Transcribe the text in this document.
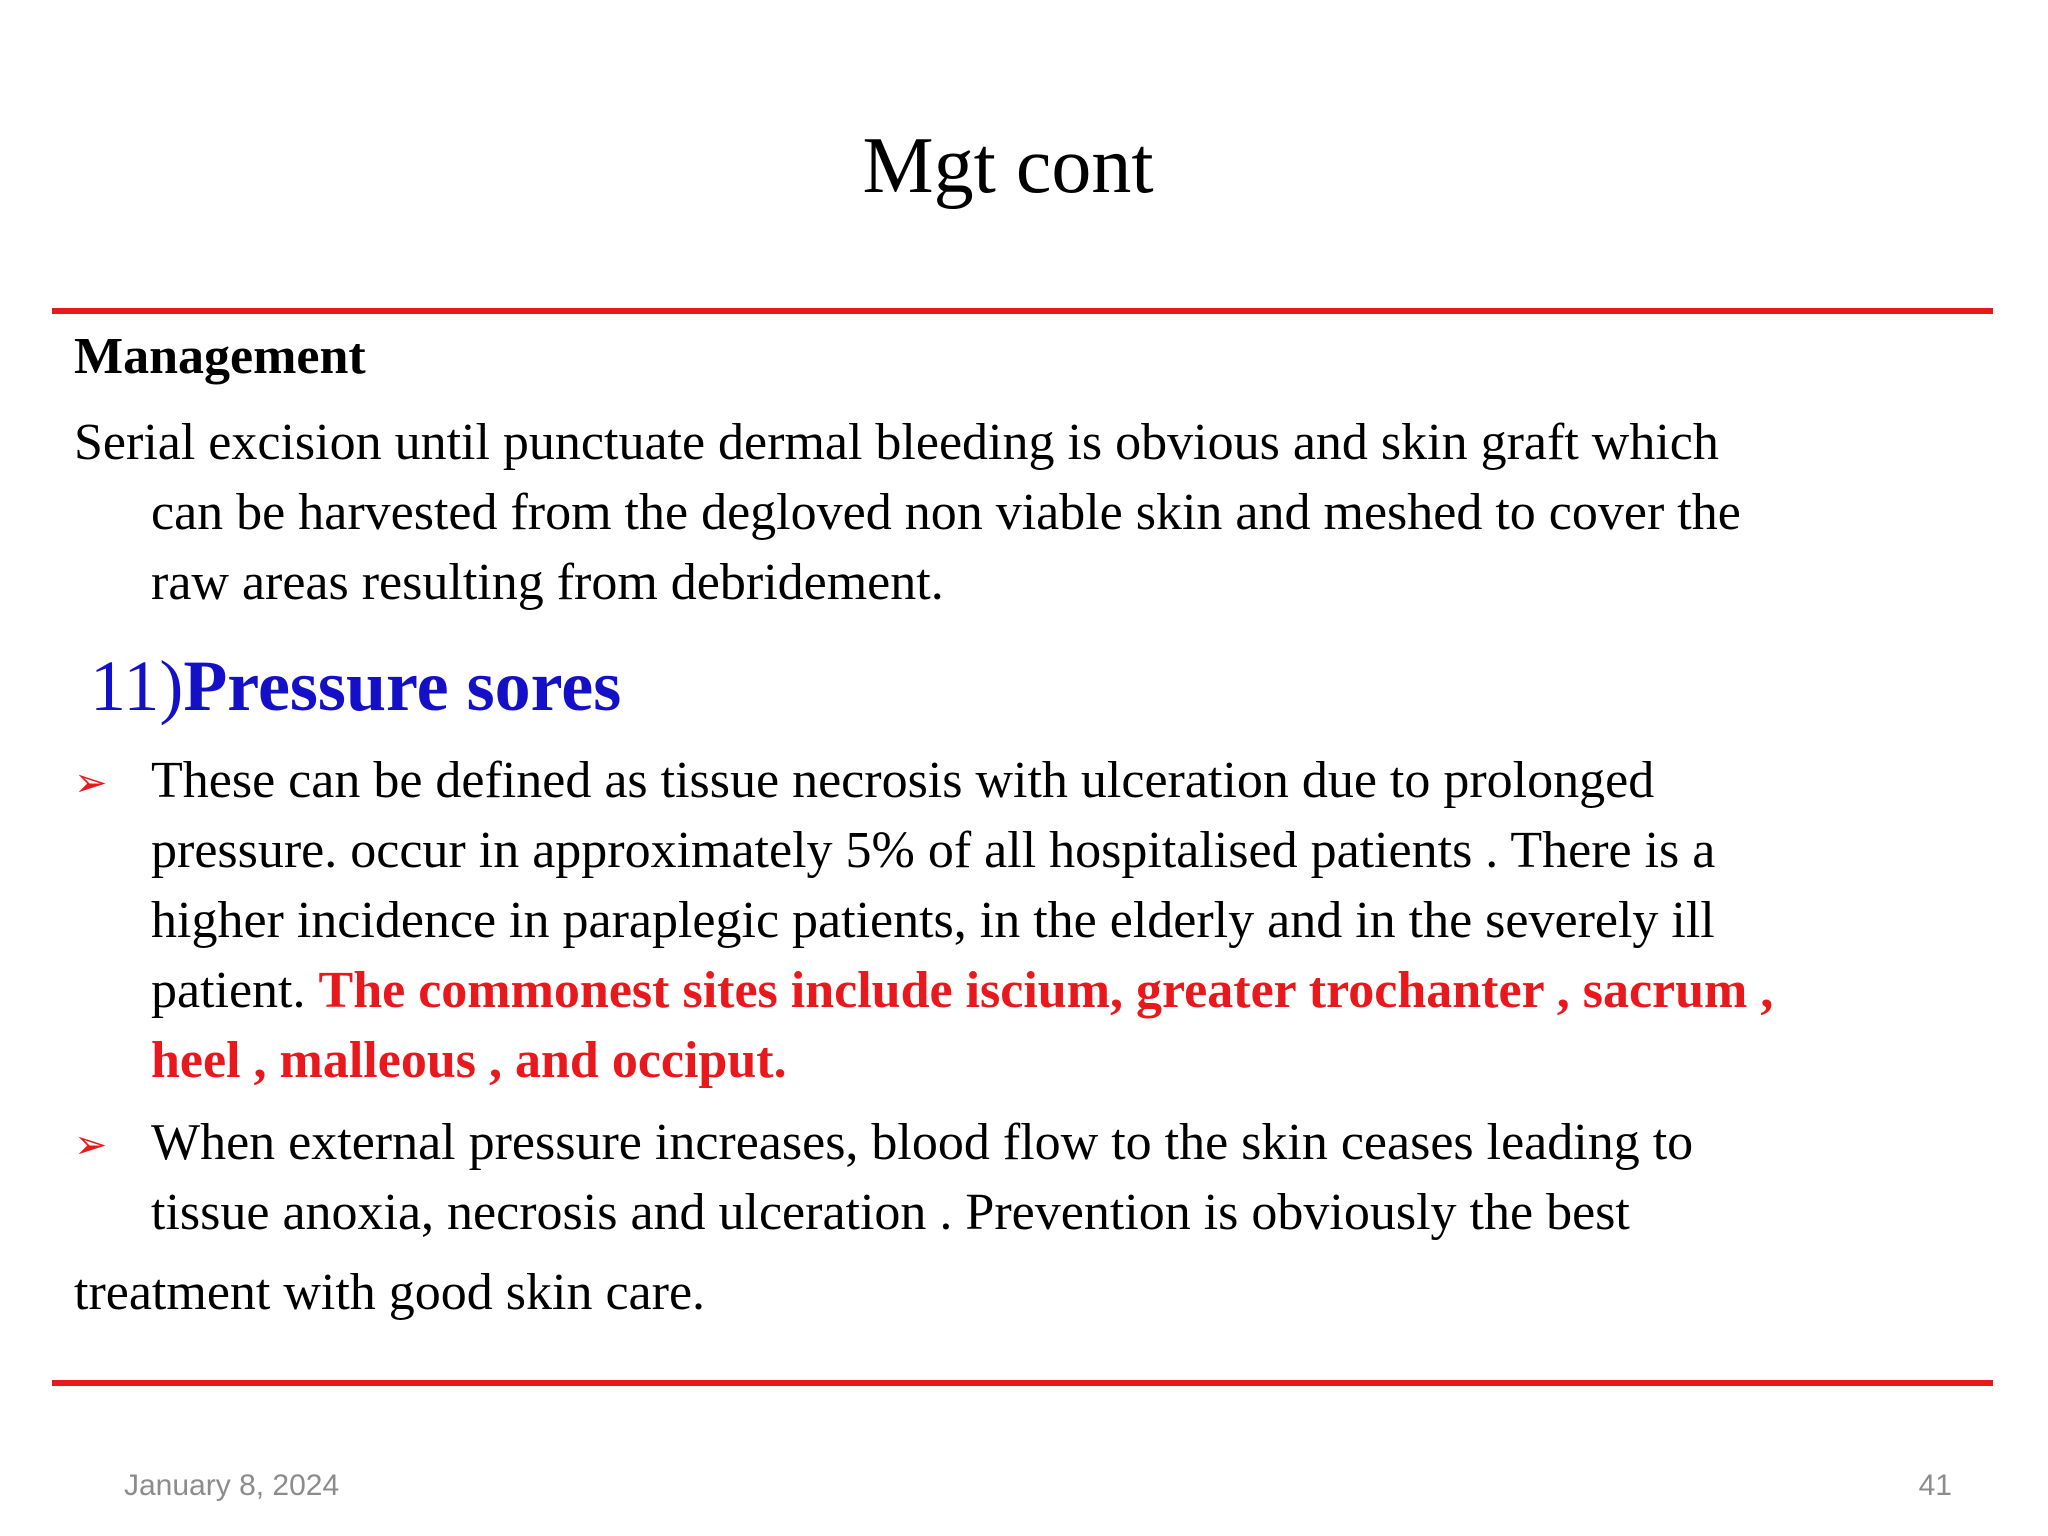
Mgt cont
Management
Serial excision until punctuate dermal bleeding is obvious and skin graft which
can be harvested from the degloved non viable skin and meshed to cover the
raw areas resulting from debridement.
11)Pressure sores
➢ These can be defined as tissue necrosis with ulceration due to prolonged
pressure. occur in approximately 5% of all hospitalised patients . There is a
higher incidence in paraplegic patients, in the elderly and in the severely ill
patient. The commonest sites include iscium, greater trochanter , sacrum ,
heel , malleous , and occiput.
➢ When external pressure increases, blood flow to the skin ceases leading to
tissue anoxia, necrosis and ulceration . Prevention is obviously the best
treatment with good skin care.
January 8, 2024	41
